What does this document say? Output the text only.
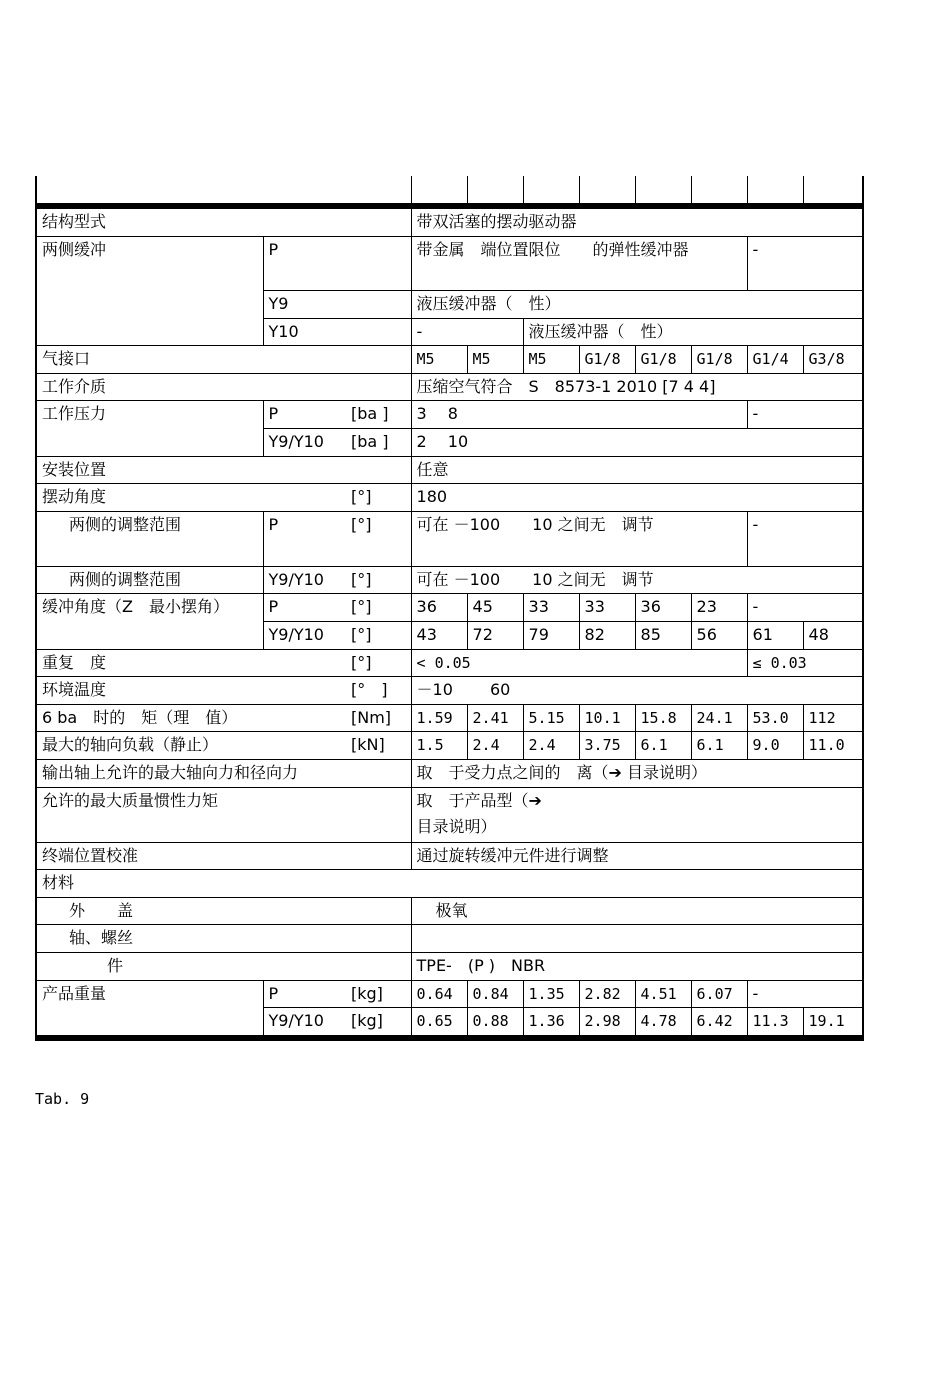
结构型式			带双活塞的摆动驱动器							
两侧缓冲	P		带金属　端位置限位　　的弹性缓冲器						-	
	Y9		液压缓冲器（　性）							
	Y10		-		液压缓冲器（　性）					
气接口			M5	M5	M5	G1/8	G1/8	G1/8	G1/4	G3/8
工作介质			压缩空气符合　S　8573-1 2010 [7 4 4]							
工作压力	P	[ba ]	3　 8						-	
	Y9/Y10	[ba ]	2　 10							
安装位置			任意							
摆动角度		[°]	180							
两侧的调整范围	P	[°]	可在 －100　　10 之间无　调节						-	
两侧的调整范围	Y9/Y10	[°]	可在 －100　　10 之间无　调节							
缓冲角度（Z　最小摆角）	P	[°]	36	45	33	33	36	23	-	
	Y9/Y10	[°]	43	72	79	82	85	56	61	48
重复　度		[°]	< 0.05						≤ 0.03	
环境温度		[°　]	－10　　 60							
6 ba　时的　矩（理　值）		[Nm]	1.59	2.41	5.15	10.1	15.8	24.1	53.0	112
最大的轴向负载（静止）		[kN]	1.5	2.4	2.4	3.75	6.1	6.1	9.0	11.0
输出轴上允许的最大轴向力和径向力			取　于受力点之间的　离（➔ 目录说明）							
允许的最大质量惯性力矩			取　于产品型（➔ 目录说明）							
终端位置校准			通过旋转缓冲元件进行调整							
材料										
外　　盖			极氧							
轴、螺丝										
件			TPE-　(P )　NBR							
产品重量	P	[kg]	0.64	0.84	1.35	2.82	4.51	6.07	-	
	Y9/Y10	[kg]	0.65	0.88	1.36	2.98	4.78	6.42	11.3	19.1
Tab. 9
